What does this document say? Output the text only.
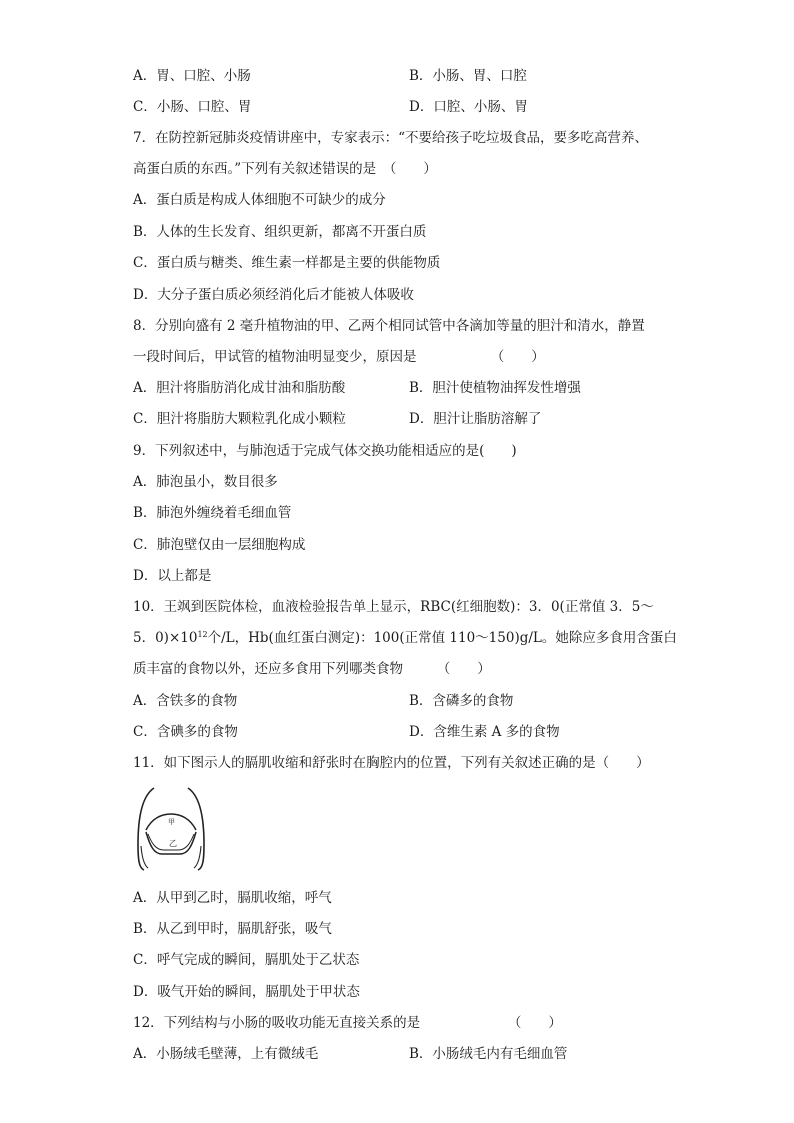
A．胃、口腔、小肠	B．小肠、胃、口腔
C．小肠、口腔、胃	D．口腔、小肠、胃
7．在防控新冠肺炎疫情讲座中，专家表示：“不要给孩子吃垃圾食品，要多吃高营养、
高蛋白质的东西。”下列有关叙述错误的是　（　　）
A．蛋白质是构成人体细胞不可缺少的成分
B．人体的生长发育、组织更新，都离不开蛋白质
C．蛋白质与糖类、维生素一样都是主要的供能物质
D．大分子蛋白质必须经消化后才能被人体吸收
8．分别向盛有 2 毫升植物油的甲、乙两个相同试管中各滴加等量的胆汁和清水，静置
一段时间后，甲试管的植物油明显变少，原因是　　　　　　（　　）
A．胆汁将脂肪消化成甘油和脂肪酸	B．胆汁使植物油挥发性增强
C．胆汁将脂肪大颗粒乳化成小颗粒	D．胆汁让脂肪溶解了
9．下列叙述中，与肺泡适于完成气体交换功能相适应的是(　　)
A．肺泡虽小，数目很多
B．肺泡外缠绕着毛细血管
C．肺泡壁仅由一层细胞构成
D．以上都是
10．王飒到医院体检，血液检验报告单上显示，RBC(红细胞数)：3．0(正常值 3．5～
5．$0)\times 10^{12}$个/L，Hb(血红蛋白测定)：100(正常值 110～150)g/L。她除应多食用含蛋白
质丰富的食物以外，还应多食用下列哪类食物　　　（　　）
A．含铁多的食物	B．含磷多的食物
C．含碘多的食物	D．含维生素 A 多的食物
11．如下图示人的膈肌收缩和舒张时在胸腔内的位置，下列有关叙述正确的是（　　）
甲
乙
A．从甲到乙时，膈肌收缩，呼气
B．从乙到甲时，膈肌舒张，吸气
C．呼气完成的瞬间，膈肌处于乙状态
D．吸气开始的瞬间，膈肌处于甲状态
12．下列结构与小肠的吸收功能无直接关系的是　　　　　　　（　　）
A．小肠绒毛壁薄，上有微绒毛	B．小肠绒毛内有毛细血管
